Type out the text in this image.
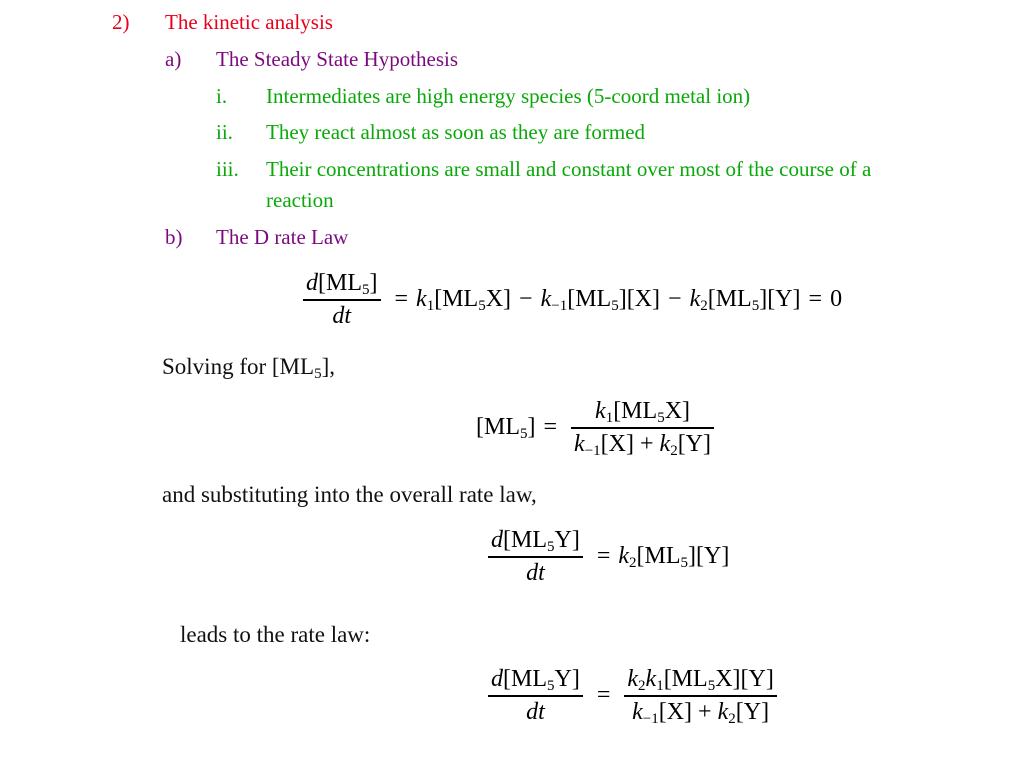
2) The kinetic analysis
a) The Steady State Hypothesis
i. Intermediates are high energy species (5-coord metal ion)
ii. They react almost as soon as they are formed
iii. Their concentrations are small and constant over most of the course of a
reaction
b) The D rate Law
$\frac{d[ML_5]}{dt} = k_1[ML_5X] - k_{-1}[ML_5][X] - k_2[ML_5][Y] = 0$
Solving for $[ML_5]$,
$[ML_5] = \frac{k_1[ML_5X]}{k_{-1}[X] + k_2[Y]}$
and substituting into the overall rate law,
$\frac{d[ML_5Y]}{dt} = k_2[ML_5][Y]$
leads to the rate law:
$\frac{d[ML_5Y]}{dt} = \frac{k_2k_1[ML_5X][Y]}{k_{-1}[X] + k_2[Y]}$
